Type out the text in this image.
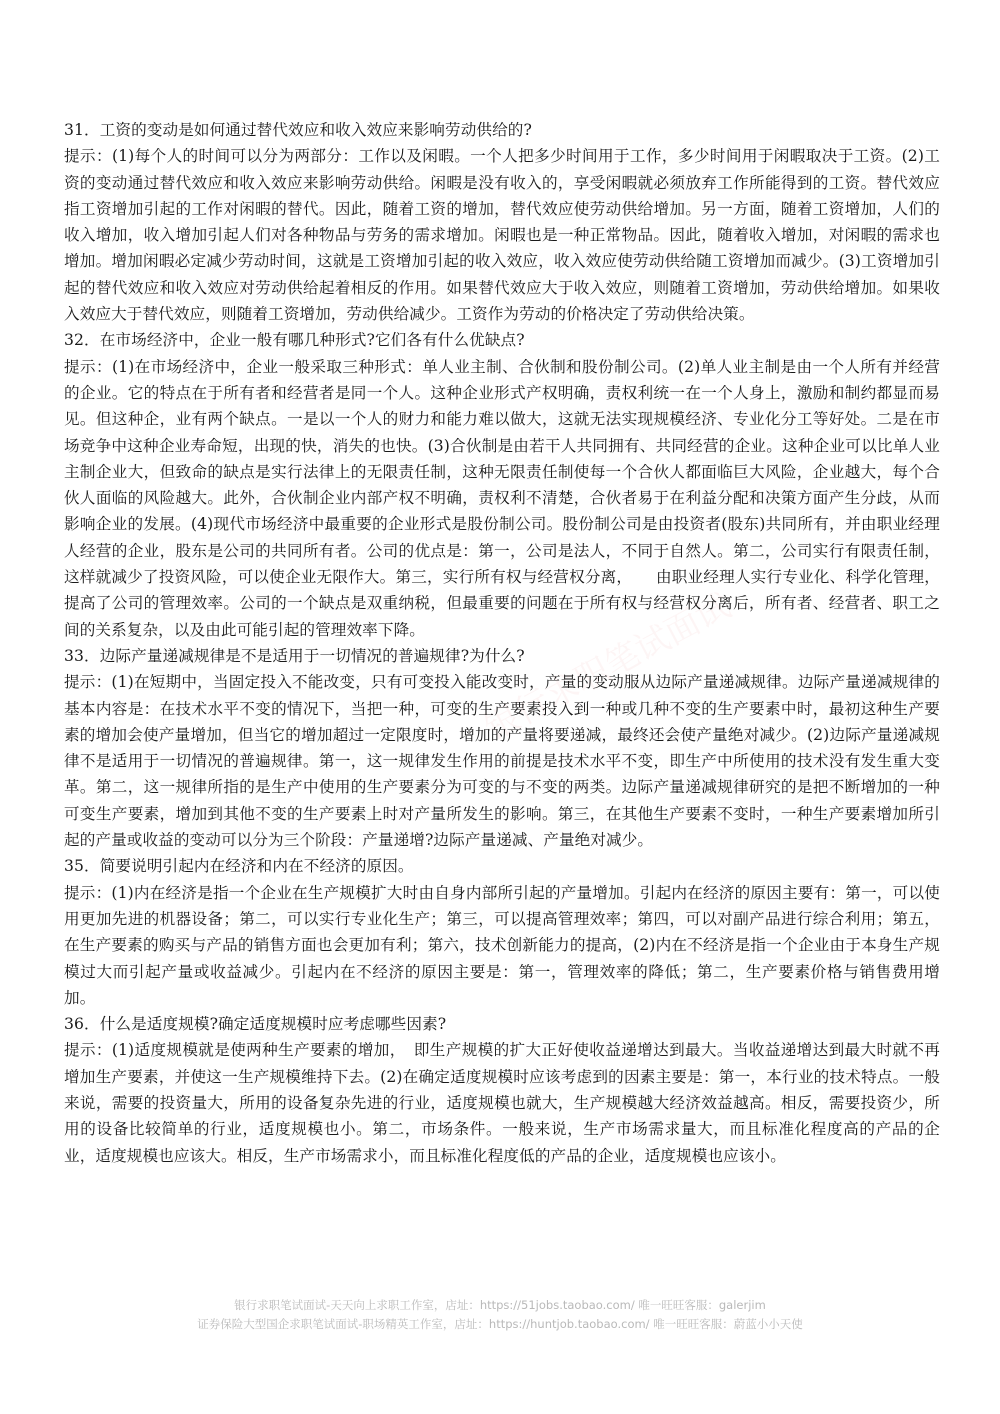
银行求职笔试面试

31．工资的变动是如何通过替代效应和收入效应来影响劳动供给的?

提示：(1)每个人的时间可以分为两部分：工作以及闲暇。一个人把多少时间用于工作，多少时间用于闲暇取决于工资。(2)工资的变动通过替代效应和收入效应来影响劳动供给。闲暇是没有收入的，享受闲暇就必须放弃工作所能得到的工资。替代效应指工资增加引起的工作对闲暇的替代。因此，随着工资的增加，替代效应使劳动供给增加。另一方面，随着工资增加，人们的收入增加，收入增加引起人们对各种物品与劳务的需求增加。闲暇也是一种正常物品。因此，随着收入增加，对闲暇的需求也增加。增加闲暇必定减少劳动时间，这就是工资增加引起的收入效应，收入效应使劳动供给随工资增加而减少。(3)工资增加引起的替代效应和收入效应对劳动供给起着相反的作用。如果替代效应大于收入效应，则随着工资增加，劳动供给增加。如果收入效应大于替代效应，则随着工资增加，劳动供给减少。工资作为劳动的价格决定了劳动供给决策。

32．在市场经济中，企业一般有哪几种形式?它们各有什么优缺点?

提示：(1)在市场经济中，企业一般采取三种形式：单人业主制、合伙制和股份制公司。(2)单人业主制是由一个人所有并经营的企业。它的特点在于所有者和经营者是同一个人。这种企业形式产权明确，责权利统一在一个人身上，激励和制约都显而易见。但这种企，业有两个缺点。一是以一个人的财力和能力难以做大，这就无法实现规模经济、专业化分工等好处。二是在市场竞争中这种企业寿命短，出现的快，消失的也快。(3)合伙制是由若干人共同拥有、共同经营的企业。这种企业可以比单人业主制企业大，但致命的缺点是实行法律上的无限责任制，这种无限责任制使每一个合伙人都面临巨大风险，企业越大，每个合伙人面临的风险越大。此外，合伙制企业内部产权不明确，责权利不清楚，合伙者易于在利益分配和决策方面产生分歧，从而影响企业的发展。(4)现代市场经济中最重要的企业形式是股份制公司。股份制公司是由投资者(股东)共同所有，并由职业经理人经营的企业，股东是公司的共同所有者。公司的优点是：第一，公司是法人，不同于自然人。第二，公司实行有限责任制，这样就减少了投资风险，可以使企业无限作大。第三，实行所有权与经营权分离，　　由职业经理人实行专业化、科学化管理，提高了公司的管理效率。公司的一个缺点是双重纳税，但最重要的问题在于所有权与经营权分离后，所有者、经营者、职工之间的关系复杂，以及由此可能引起的管理效率下降。

33．边际产量递减规律是不是适用于一切情况的普遍规律?为什么?

提示：(1)在短期中，当固定投入不能改变，只有可变投入能改变时，产量的变动服从边际产量递减规律。边际产量递减规律的基本内容是：在技术水平不变的情况下，当把一种，可变的生产要素投入到一种或几种不变的生产要素中时，最初这种生产要素的增加会使产量增加，但当它的增加超过一定限度时，增加的产量将要递减，最终还会使产量绝对减少。(2)边际产量递减规律不是适用于一切情况的普遍规律。第一，这一规律发生作用的前提是技术水平不变，即生产中所使用的技术没有发生重大变革。第二，这一规律所指的是生产中使用的生产要素分为可变的与不变的两类。边际产量递减规律研究的是把不断增加的一种可变生产要素，增加到其他不变的生产要素上时对产量所发生的影响。第三，在其他生产要素不变时，一种生产要素增加所引起的产量或收益的变动可以分为三个阶段：产量递增?边际产量递减、产量绝对减少。

35．简要说明引起内在经济和内在不经济的原因。

提示：(1)内在经济是指一个企业在生产规模扩大时由自身内部所引起的产量增加。引起内在经济的原因主要有：第一，可以使用更加先进的机器设备；第二，可以实行专业化生产；第三，可以提高管理效率；第四，可以对副产品进行综合利用；第五，在生产要素的购买与产品的销售方面也会更加有利；第六，技术创新能力的提高，(2)内在不经济是指一个企业由于本身生产规模过大而引起产量或收益减少。引起内在不经济的原因主要是：第一，管理效率的降低；第二，生产要素价格与销售费用增加。

36．什么是适度规模?确定适度规模时应考虑哪些因素?

提示：(1)适度规模就是使两种生产要素的增加，　即生产规模的扩大正好使收益递增达到最大。当收益递增达到最大时就不再增加生产要素，并使这一生产规模维持下去。(2)在确定适度规模时应该考虑到的因素主要是：第一，本行业的技术特点。一般来说，需要的投资量大，所用的设备复杂先进的行业，适度规模也就大，生产规模越大经济效益越高。相反，需要投资少，所用的设备比较简单的行业，适度规模也小。第二，市场条件。一般来说，生产市场需求量大，而且标准化程度高的产品的企业，适度规模也应该大。相反，生产市场需求小，而且标准化程度低的产品的企业，适度规模也应该小。

银行求职笔试面试-天天向上求职工作室，店址：https://51jobs.taobao.com/ 唯一旺旺客服：galerjim

证券保险大型国企求职笔试面试-职场精英工作室，店址：https://huntjob.taobao.com/ 唯一旺旺客服：蔚蓝小小天使
